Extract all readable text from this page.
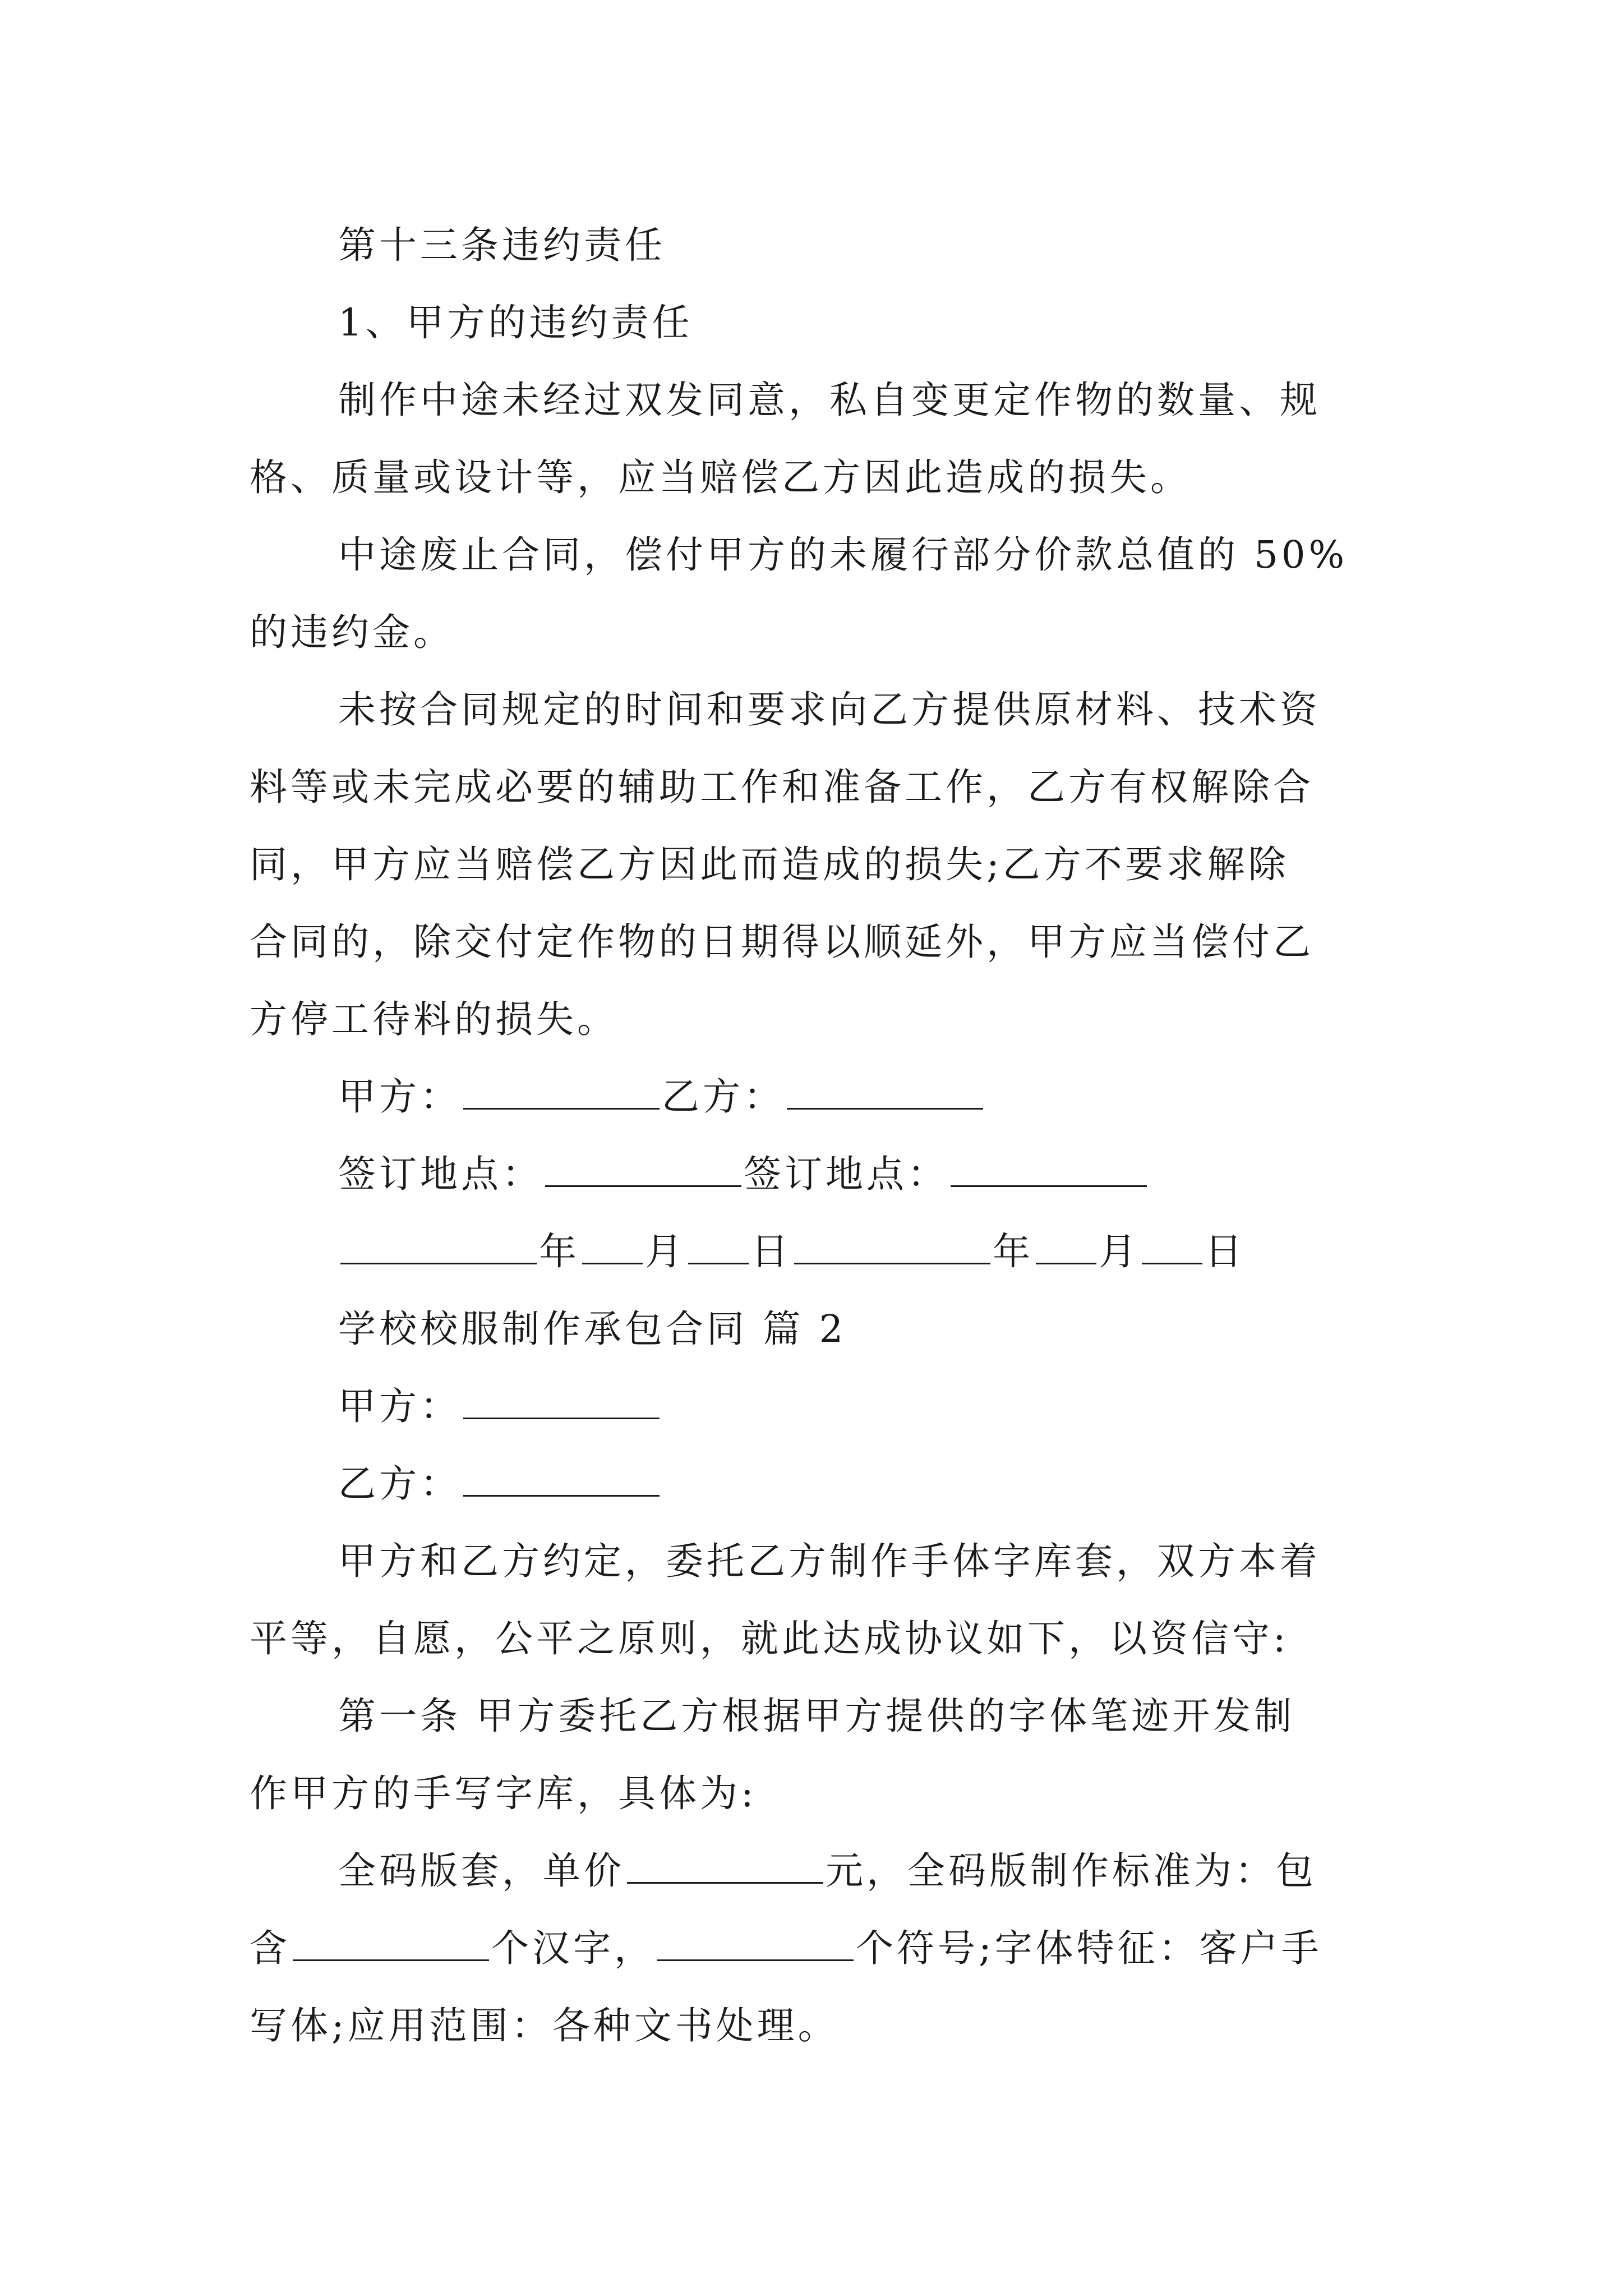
第十三条违约责任

1、甲方的违约责任

制作中途未经过双发同意，私自变更定作物的数量、规

格、质量或设计等，应当赔偿乙方因此造成的损失。

中途废止合同，偿付甲方的未履行部分价款总值的 50%

的违约金。

未按合同规定的时间和要求向乙方提供原材料、技术资

料等或未完成必要的辅助工作和准备工作，乙方有权解除合

同，甲方应当赔偿乙方因此而造成的损失;乙方不要求解除

合同的，除交付定作物的日期得以顺延外，甲方应当偿付乙

方停工待料的损失。

甲方：	乙方：

签订地点：	签订地点：

年 月 日	年 月 日

学校校服制作承包合同 篇 2

甲方：

乙方：

甲方和乙方约定，委托乙方制作手体字库套，双方本着

平等，自愿，公平之原则，就此达成协议如下，以资信守:

第一条 甲方委托乙方根据甲方提供的字体笔迹开发制

作甲方的手写字库，具体为:

全码版套，单价	元，全码版制作标准为：包

含	个汉字，	个符号;字体特征：客户手

写体;应用范围：各种文书处理。
